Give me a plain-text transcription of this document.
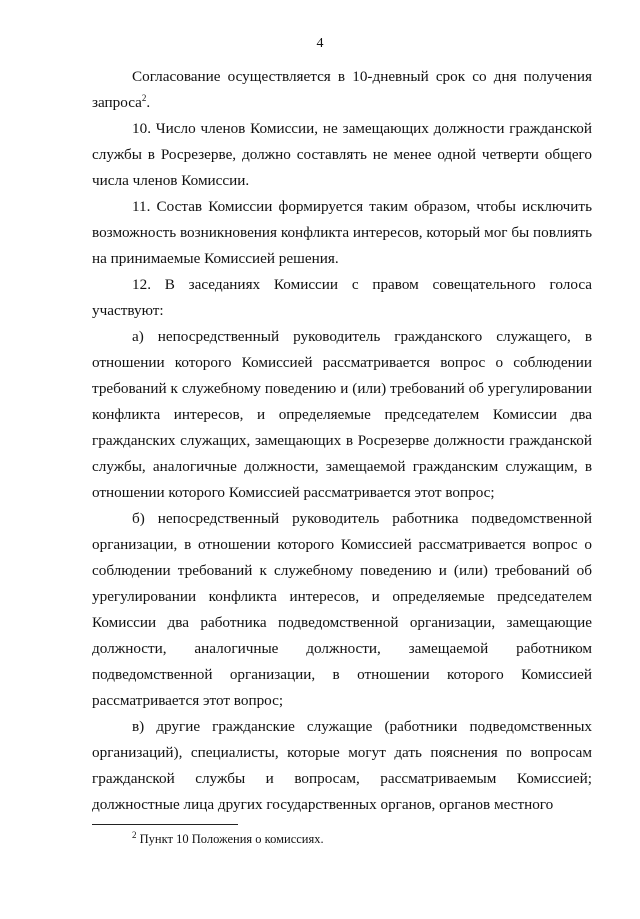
4

Согласование осуществляется в 10-дневный срок со дня получения запроса$^2$.

10. Число членов Комиссии, не замещающих должности гражданской службы в Росрезерве, должно составлять не менее одной четверти общего числа членов Комиссии.

11. Состав Комиссии формируется таким образом, чтобы исключить возможность возникновения конфликта интересов, который мог бы повлиять на принимаемые Комиссией решения.

12. В заседаниях Комиссии с правом совещательного голоса участвуют:

а) непосредственный руководитель гражданского служащего, в отношении которого Комиссией рассматривается вопрос о соблюдении требований к служебному поведению и (или) требований об урегулировании конфликта интересов, и определяемые председателем Комиссии два гражданских служащих, замещающих в Росрезерве должности гражданской службы, аналогичные должности, замещаемой гражданским служащим, в отношении которого Комиссией рассматривается этот вопрос;

б) непосредственный руководитель работника подведомственной организации, в отношении которого Комиссией рассматривается вопрос о соблюдении требований к служебному поведению и (или) требований об урегулировании конфликта интересов, и определяемые председателем Комиссии два работника подведомственной организации, замещающие должности, аналогичные должности, замещаемой работником подведомственной организации, в отношении которого Комиссией рассматривается этот вопрос;

в) другие гражданские служащие (работники подведомственных организаций), специалисты, которые могут дать пояснения по вопросам гражданской службы и вопросам, рассматриваемым Комиссией; должностные лица других государственных органов, органов местного

$^2$ Пункт 10 Положения о комиссиях.
